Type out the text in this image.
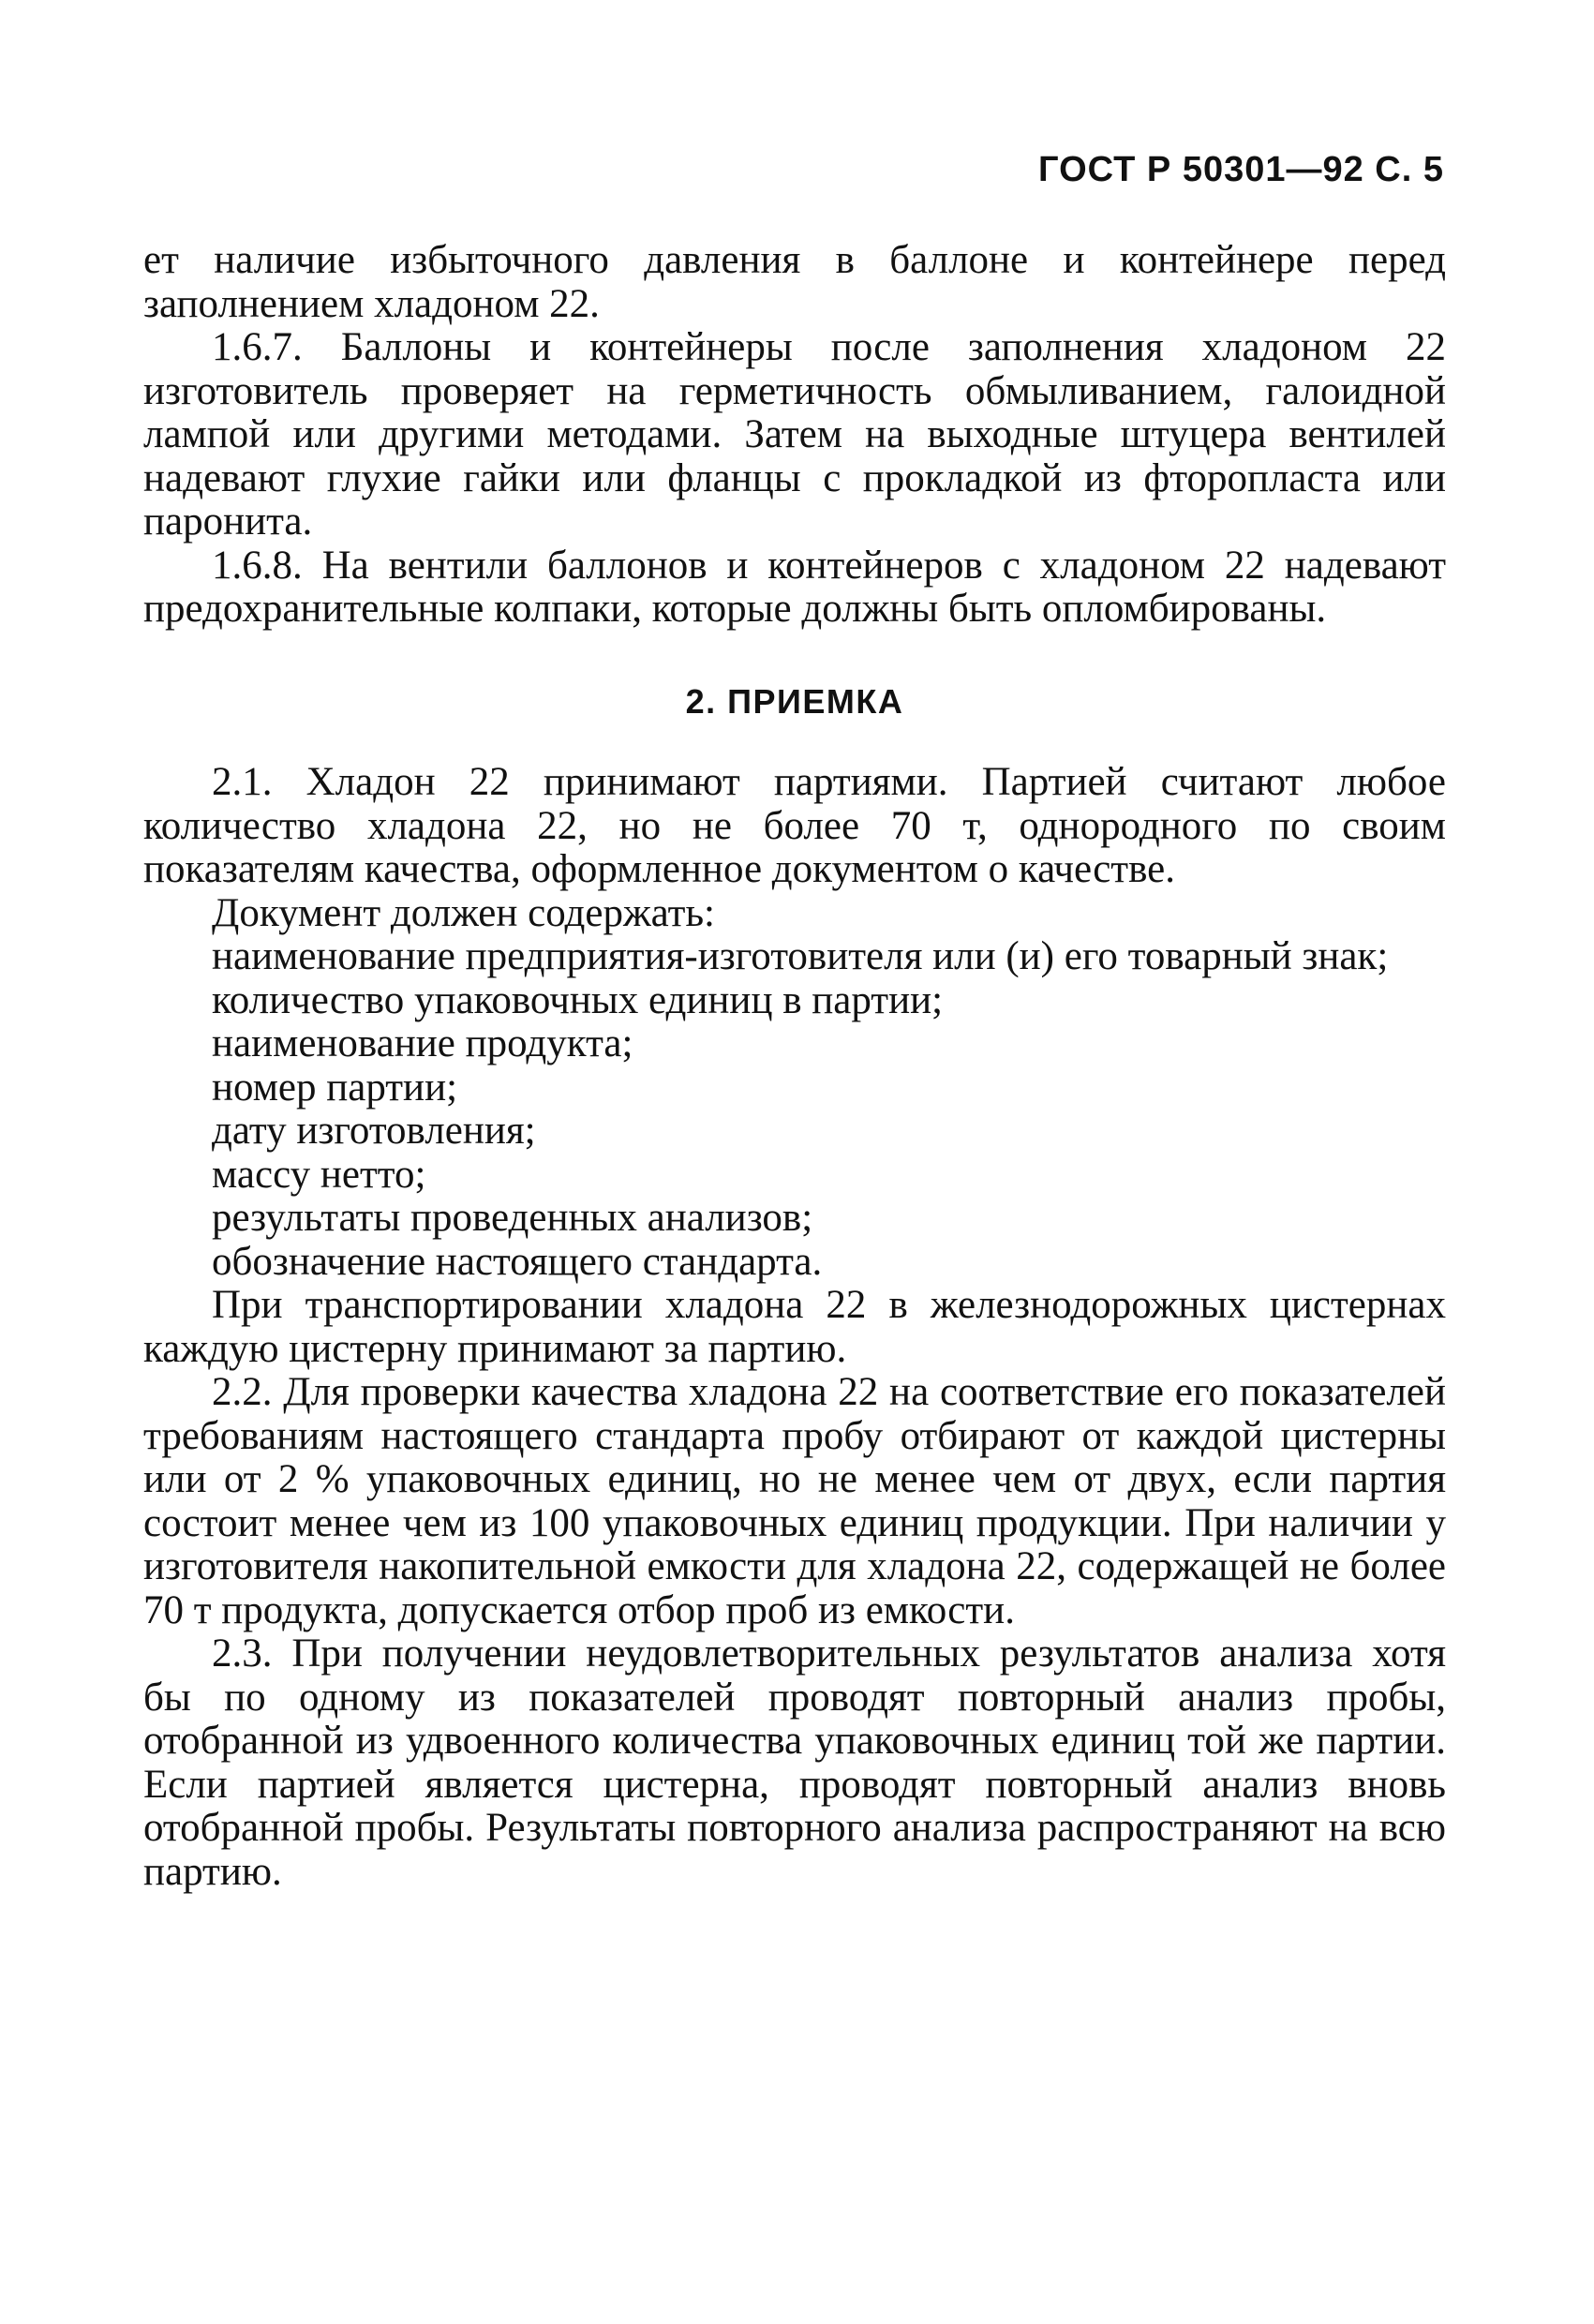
ГОСТ Р 50301—92 С. 5

ет наличие избыточного давления в баллоне и контейнере перед заполнением хладоном 22.

1.6.7. Баллоны и контейнеры после заполнения хладоном 22 изготовитель проверяет на герметичность обмыливанием, галоидной лампой или другими методами. Затем на выходные штуцера вентилей надевают глухие гайки или фланцы с прокладкой из фторопласта или паронита.

1.6.8. На вентили баллонов и контейнеров с хладоном 22 надевают предохранительные колпаки, которые должны быть опломбированы.

2. ПРИЕМКА

2.1. Хладон 22 принимают партиями. Партией считают любое количество хладона 22, но не более 70 т, однородного по своим показателям качества, оформленное документом о качестве.

Документ должен содержать:

наименование предприятия-изготовителя или (и) его товарный знак;

количество упаковочных единиц в партии;

наименование продукта;

номер партии;

дату изготовления;

массу нетто;

результаты проведенных анализов;

обозначение настоящего стандарта.

При транспортировании хладона 22 в железнодорожных цистернах каждую цистерну принимают за партию.

2.2. Для проверки качества хладона 22 на соответствие его показателей требованиям настоящего стандарта пробу отбирают от каждой цистерны или от 2 % упаковочных единиц, но не менее чем от двух, если партия состоит менее чем из 100 упаковочных единиц продукции. При наличии у изготовителя накопительной емкости для хладона 22, содержащей не более 70 т продукта, допускается отбор проб из емкости.

2.3. При получении неудовлетворительных результатов анализа хотя бы по одному из показателей проводят повторный анализ пробы, отобранной из удвоенного количества упаковочных единиц той же партии. Если партией является цистерна, проводят повторный анализ вновь отобранной пробы. Результаты повторного анализа распространяют на всю партию.
